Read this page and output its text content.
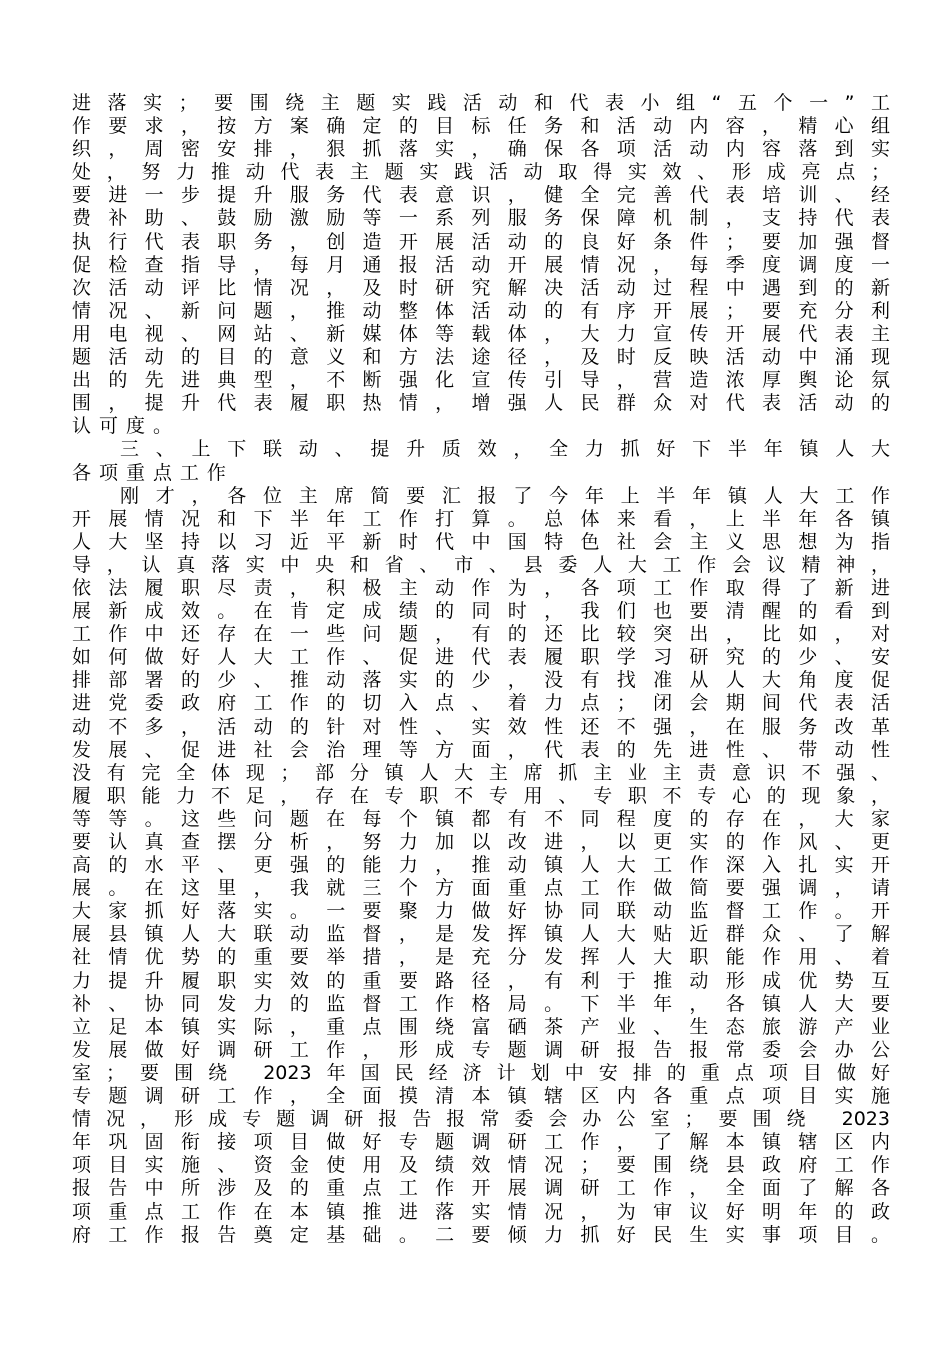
进落实；要围绕主题实践活动和代表小组“五个一”工
作要求，按方案确定的目标任务和活动内容，精心组
织，周密安排，狠抓落实，确保各项活动内容落到实
处，努力推动代表主题实践活动取得实效、形成亮点；
要进一步提升服务代表意识，健全完善代表培训、经
费补助、鼓励激励等一系列服务保障机制，支持代表
执行代表职务，创造开展活动的良好条件；要加强督
促检查指导，每月通报活动开展情况，每季度调度一
次活动评比情况，及时研究解决活动过程中遇到的新
情况、新问题，推动整体活动的有序开展；要充分利
用电视、网站、新媒体等载体，大力宣传开展代表主
题活动的目的意义和方法途径，及时反映活动中涌现
出的先进典型，不断强化宣传引导，营造浓厚舆论氛
围，提升代表履职热情，增强人民群众对代表活动的
认可度。
三、上下联动、提升质效，全力抓好下半年镇人大
各项重点工作
刚才，各位主席简要汇报了今年上半年镇人大工作
开展情况和下半年工作打算。总体来看，上半年各镇
人大坚持以习近平新时代中国特色社会主义思想为指
导，认真落实中央和省、市、县委人大工作会议精神，
依法履职尽责，积极主动作为，各项工作取得了新进
展新成效。在肯定成绩的同时，我们也要清醒的看到
工作中还存在一些问题，有的还比较突出，比如，对
如何做好人大工作、促进代表履职学习研究的少、安
排部署的少、推动落实的少，没有找准从人大角度促
进党委政府工作的切入点、着力点；闭会期间代表活
动不多，活动的针对性、实效性还不强，在服务改革
发展、促进社会治理等方面，代表的先进性、带动性
没有完全体现；部分镇人大主席抓主业主责意识不强、
履职能力不足，存在专职不专用、专职不专心的现象，
等等。这些问题在每个镇都有不同程度的存在，大家
要认真查摆分析，努力加以改进，以更实的作风、更
高的水平、更强的能力，推动镇人大工作深入扎实开
展。在这里，我就三个方面重点工作做简要强调，请
大家抓好落实。一要聚力做好协同联动监督工作。开
展县镇人大联动监督，是发挥镇人大贴近群众、了解
社情优势的重要举措，是充分发挥人大职能作用、着
力提升履职实效的重要路径，有利于推动形成优势互
补、协同发力的监督工作格局。下半年，各镇人大要
立足本镇实际，重点围绕富硒茶产业、生态旅游产业
发展做好调研工作，形成专题调研报告报常委会办公
室；要围绕 2023年国民经济计划中安排的重点项目做好
专题调研工作，全面摸清本镇辖区内各重点项目实施
情况，形成专题调研报告报常委会办公室；要围绕 2023
年巩固衔接项目做好专题调研工作，了解本镇辖区内
项目实施、资金使用及绩效情况；要围绕县政府工作
报告中所涉及的重点工作开展调研工作，全面了解各
项重点工作在本镇推进落实情况，为审议好明年的政
府工作报告奠定基础。二要倾力抓好民生实事项目。
